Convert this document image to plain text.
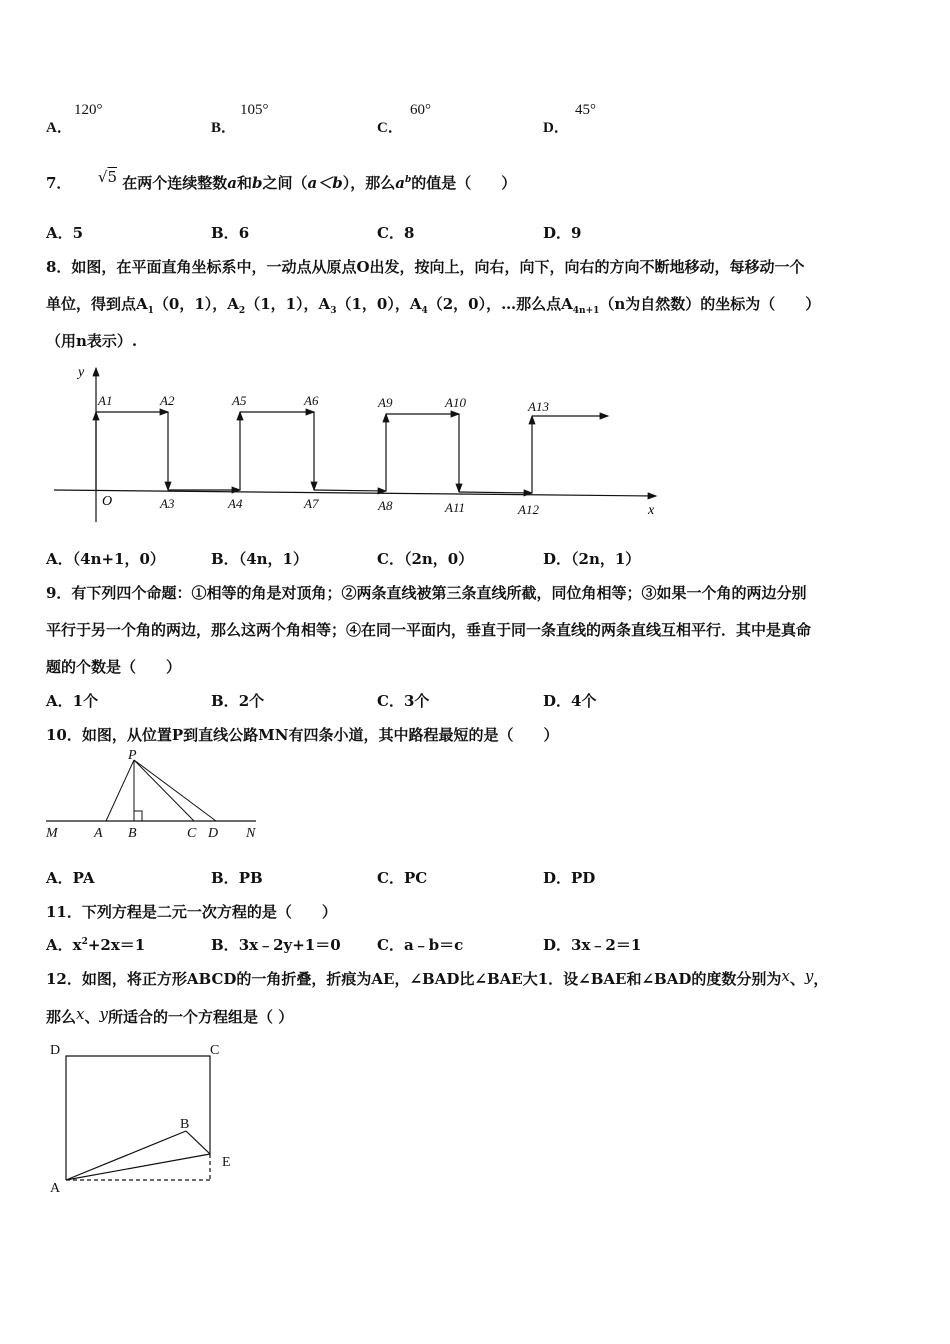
A．
120°
B．
105°
C．
60°
D．
45°
7． √5 在两个连续整数a和b之间（a＜b），那么$a^b$的值是（　　）
A．5	B．6	C．8	D．9
8．如图，在平面直角坐标系中，一动点从原点O出发，按向上，向右，向下，向右的方向不断地移动，每移动一个
单位，得到点$A_1(0$，1），$A_2(1$，1），$A_3(1$，0），$A_4(2$，0），…那么点$A_{4n+1}(n$为自然数）的坐标为（　　）
（用n表示）.
y
x
O
A1	A2
A3	A4
A5	A6
A7	A8
A9	A10
A11	A12
A13
A．（4n+1，0）	B．（4n，1）	C．（2n，0）	D．（2n，1）
9．有下列四个命题：①相等的角是对顶角；②两条直线被第三条直线所截，同位角相等；③如果一个角的两边分别
平行于另一个角的两边，那么这两个角相等；④在同一平面内，垂直于同一条直线的两条直线互相平行．其中是真命
题的个数是（　　）
A．1个	B．2个	C．3个	D．4个
10．如图，从位置P到直线公路MN有四条小道，其中路程最短的是（　　）
P
M	A B	C D N
A．PA	B．PB	C．PC	D．PD
11．下列方程是二元一次方程的是（　　）
A．$x^2+2x=1$	B．3x﹣2y+1＝0 C．a﹣b＝c	D．3x﹣2＝1
12．如图，将正方形ABCD的一角折叠，折痕为AE，∠BAD比∠BAE大1．设∠BAE和∠BAD的度数分别为x、y，
那么x、y所适合的一个方程组是（ ）
D	C
B
E
A
